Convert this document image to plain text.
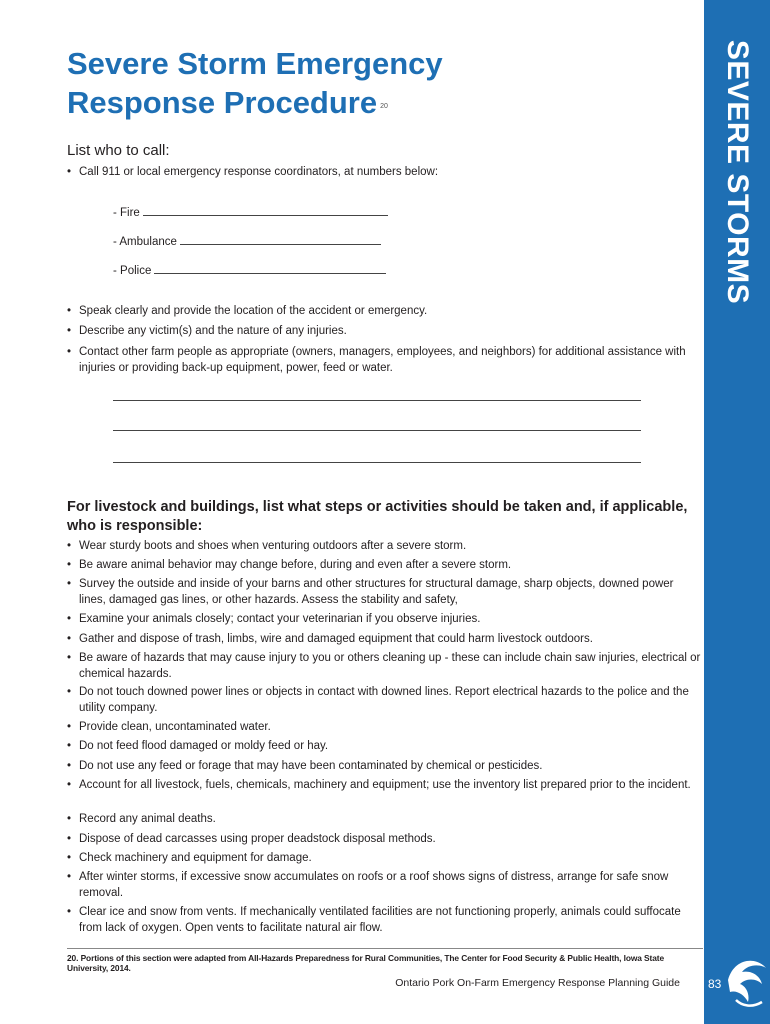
SEVERE STORMS
Severe Storm Emergency
Response Procedure $^{20}$
List who to call:
• Call 911 or local emergency response coordinators, at numbers below:
- Fire
- Ambulance
- Police
• Speak clearly and provide the location of the accident or emergency.
• Describe any victim(s) and the nature of any injuries.
• Contact other farm people as appropriate (owners, managers, employees, and neighbors) for additional assistance with injuries or providing back-up equipment, power, feed or water.
For livestock and buildings, list what steps or activities should be taken and, if applicable, who is responsible:
• Wear sturdy boots and shoes when venturing outdoors after a severe storm.
• Be aware animal behavior may change before, during and even after a severe storm.
• Survey the outside and inside of your barns and other structures for structural damage, sharp objects, downed power lines, damaged gas lines, or other hazards. Assess the stability and safety,
• Examine your animals closely; contact your veterinarian if you observe injuries.
• Gather and dispose of trash, limbs, wire and damaged equipment that could harm livestock outdoors.
• Be aware of hazards that may cause injury to you or others cleaning up - these can include chain saw injuries, electrical or chemical hazards.
• Do not touch downed power lines or objects in contact with downed lines. Report electrical hazards to the police and the utility company.
• Provide clean, uncontaminated water.
• Do not feed flood damaged or moldy feed or hay.
• Do not use any feed or forage that may have been contaminated by chemical or pesticides.
• Account for all livestock, fuels, chemicals, machinery and equipment; use the inventory list prepared prior to the incident.
• Record any animal deaths.
• Dispose of dead carcasses using proper deadstock disposal methods.
• Check machinery and equipment for damage.
• After winter storms, if excessive snow accumulates on roofs or a roof shows signs of distress, arrange for safe snow removal.
• Clear ice and snow from vents. If mechanically ventilated facilities are not functioning properly, animals could suffocate from lack of oxygen. Open vents to facilitate natural air flow.
20. Portions of this section were adapted from All-Hazards Preparedness for Rural Communities, The Center for Food Security & Public Health, Iowa State University, 2014.
Ontario Pork On-Farm Emergency Response Planning Guide 83
